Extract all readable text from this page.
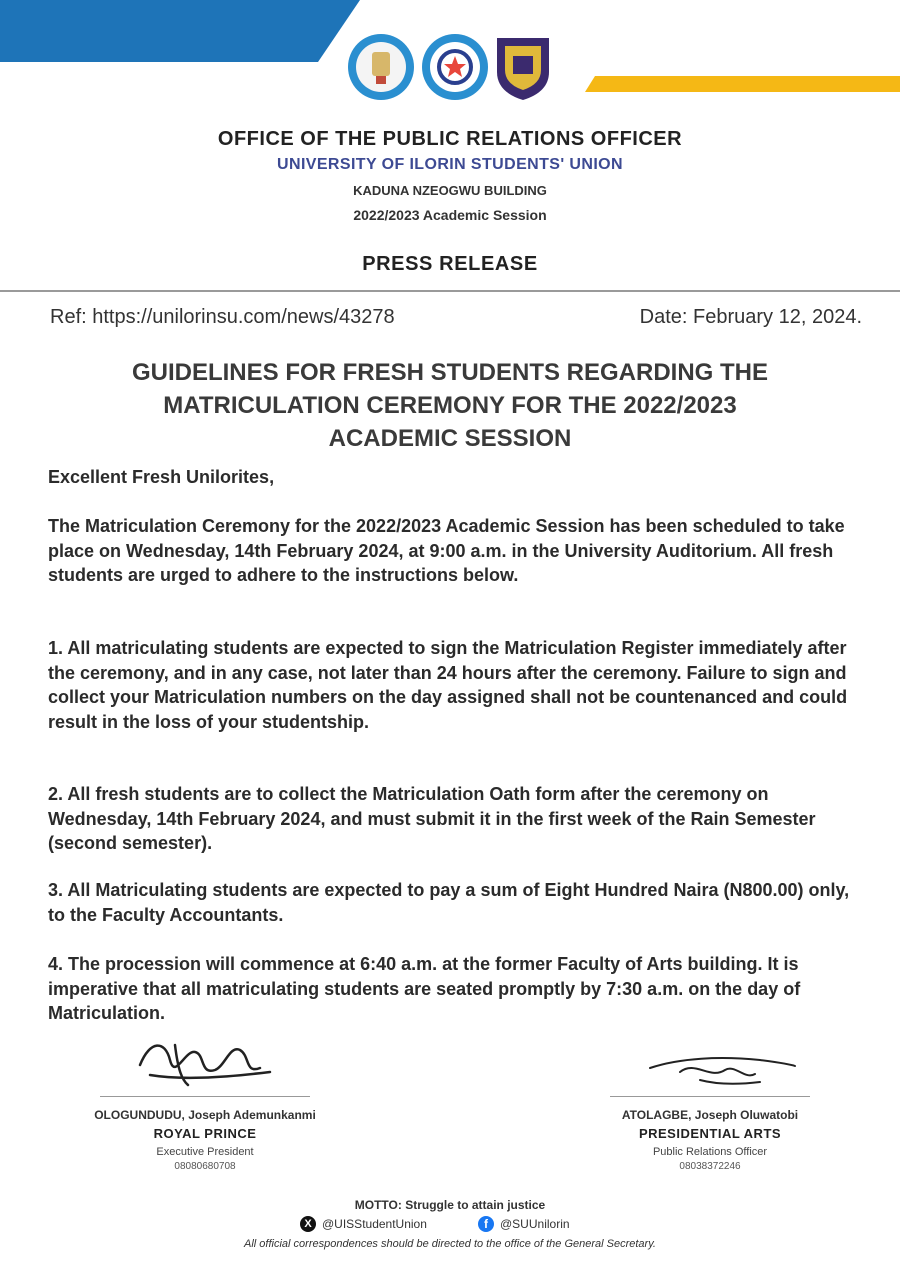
OFFICE OF THE PUBLIC RELATIONS OFFICER
UNIVERSITY OF ILORIN STUDENTS' UNION
KADUNA NZEOGWU BUILDING
2022/2023 Academic Session
PRESS RELEASE
Ref: https://unilorinsu.com/news/43278	Date: February 12, 2024.
GUIDELINES FOR FRESH STUDENTS REGARDING THE
MATRICULATION CEREMONY FOR THE 2022/2023
ACADEMIC SESSION
Excellent Fresh Unilorites,
The Matriculation Ceremony for the 2022/2023 Academic Session has been scheduled to take place on Wednesday, 14th February 2024, at 9:00 a.m. in the University Auditorium. All fresh students are urged to adhere to the instructions below.
1. All matriculating students are expected to sign the Matriculation Register immediately after the ceremony, and in any case, not later than 24 hours after the ceremony. Failure to sign and collect your Matriculation numbers on the day assigned shall not be countenanced and could result in the loss of your studentship.
2. All fresh students are to collect the Matriculation Oath form after the ceremony on Wednesday, 14th February 2024, and must submit it in the first week of the Rain Semester (second semester).
3. All Matriculating students are expected to pay a sum of Eight Hundred Naira (N800.00) only, to the Faculty Accountants.
4. The procession will commence at 6:40 a.m. at the former Faculty of Arts building. It is imperative that all matriculating students are seated promptly by 7:30 a.m. on the day of Matriculation.
OLOGUNDUDU, Joseph Ademunkanmi
ROYAL PRINCE
Executive President
08080680708
ATOLAGBE, Joseph Oluwatobi
PRESIDENTIAL ARTS
Public Relations Officer
08038372246
MOTTO: Struggle to attain justice
X @UISStudentUnion	f	@SUUnilorin
All official correspondences should be directed to the office of the General Secretary.
